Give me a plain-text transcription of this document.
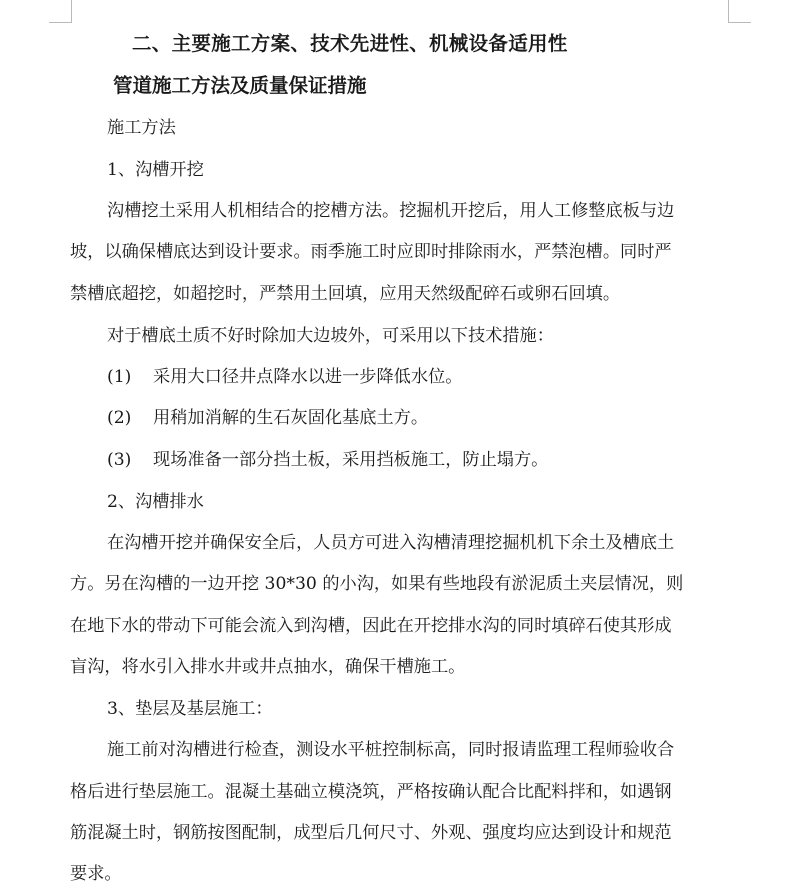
二、主要施工方案、技术先进性、机械设备适用性
管道施工方法及质量保证措施
施工方法
1、沟槽开挖
沟槽挖土采用人机相结合的挖槽方法。挖掘机开挖后，用人工修整底板与边
坡，以确保槽底达到设计要求。雨季施工时应即时排除雨水，严禁泡槽。同时严
禁槽底超挖，如超挖时，严禁用土回填，应用天然级配碎石或卵石回填。
对于槽底土质不好时除加大边坡外，可采用以下技术措施：
(1) 采用大口径井点降水以进一步降低水位。
(2) 用稍加消解的生石灰固化基底土方。
(3) 现场准备一部分挡土板，采用挡板施工，防止塌方。
2、沟槽排水
在沟槽开挖并确保安全后，人员方可进入沟槽清理挖掘机机下余土及槽底土
方。另在沟槽的一边开挖 30*30 的小沟，如果有些地段有淤泥质土夹层情况，则
在地下水的带动下可能会流入到沟槽，因此在开挖排水沟的同时填碎石使其形成
盲沟，将水引入排水井或井点抽水，确保干槽施工。
3、垫层及基层施工：
施工前对沟槽进行检查，测设水平桩控制标高，同时报请监理工程师验收合
格后进行垫层施工。混凝土基础立模浇筑，严格按确认配合比配料拌和，如遇钢
筋混凝土时，钢筋按图配制，成型后几何尺寸、外观、强度均应达到设计和规范
要求。
